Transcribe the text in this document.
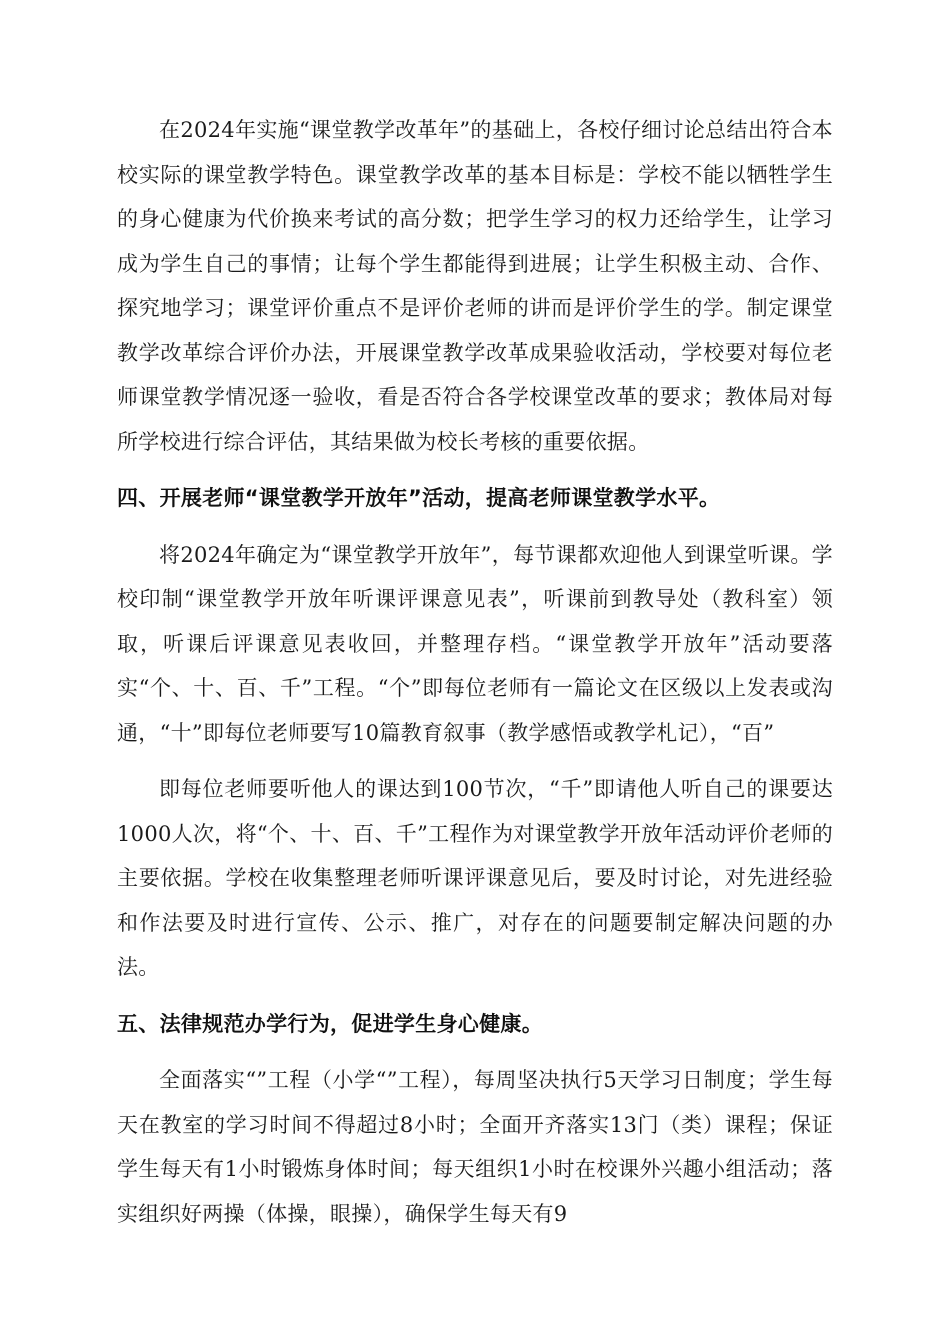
在2024年实施“课堂教学改革年”的基础上，各校仔细讨论总结出符合本校实际的课堂教学特色。课堂教学改革的基本目标是：学校不能以牺牲学生的身心健康为代价换来考试的高分数；把学生学习的权力还给学生，让学习成为学生自己的事情；让每个学生都能得到进展；让学生积极主动、合作、探究地学习；课堂评价重点不是评价老师的讲而是评价学生的学。制定课堂教学改革综合评价办法，开展课堂教学改革成果验收活动，学校要对每位老师课堂教学情况逐一验收，看是否符合各学校课堂改革的要求；教体局对每所学校进行综合评估，其结果做为校长考核的重要依据。

四、开展老师“课堂教学开放年”活动，提高老师课堂教学水平。

将2024年确定为“课堂教学开放年”，每节课都欢迎他人到课堂听课。学校印制“课堂教学开放年听课评课意见表”，听课前到教导处（教科室）领取，听课后评课意见表收回，并整理存档。“课堂教学开放年”活动要落实“个、十、百、千”工程。“个”即每位老师有一篇论文在区级以上发表或沟通，“十”即每位老师要写10篇教育叙事（教学感悟或教学札记），“百”

即每位老师要听他人的课达到100节次，“千”即请他人听自己的课要达1000人次，将“个、十、百、千”工程作为对课堂教学开放年活动评价老师的主要依据。学校在收集整理老师听课评课意见后，要及时讨论，对先进经验和作法要及时进行宣传、公示、推广，对存在的问题要制定解决问题的办法。

五、法律规范办学行为，促进学生身心健康。

全面落实“”工程（小学“”工程），每周坚决执行5天学习日制度；学生每天在教室的学习时间不得超过8小时；全面开齐落实13门（类）课程；保证学生每天有1小时锻炼身体时间；每天组织1小时在校课外兴趣小组活动；落实组织好两操（体操，眼操），确保学生每天有9
